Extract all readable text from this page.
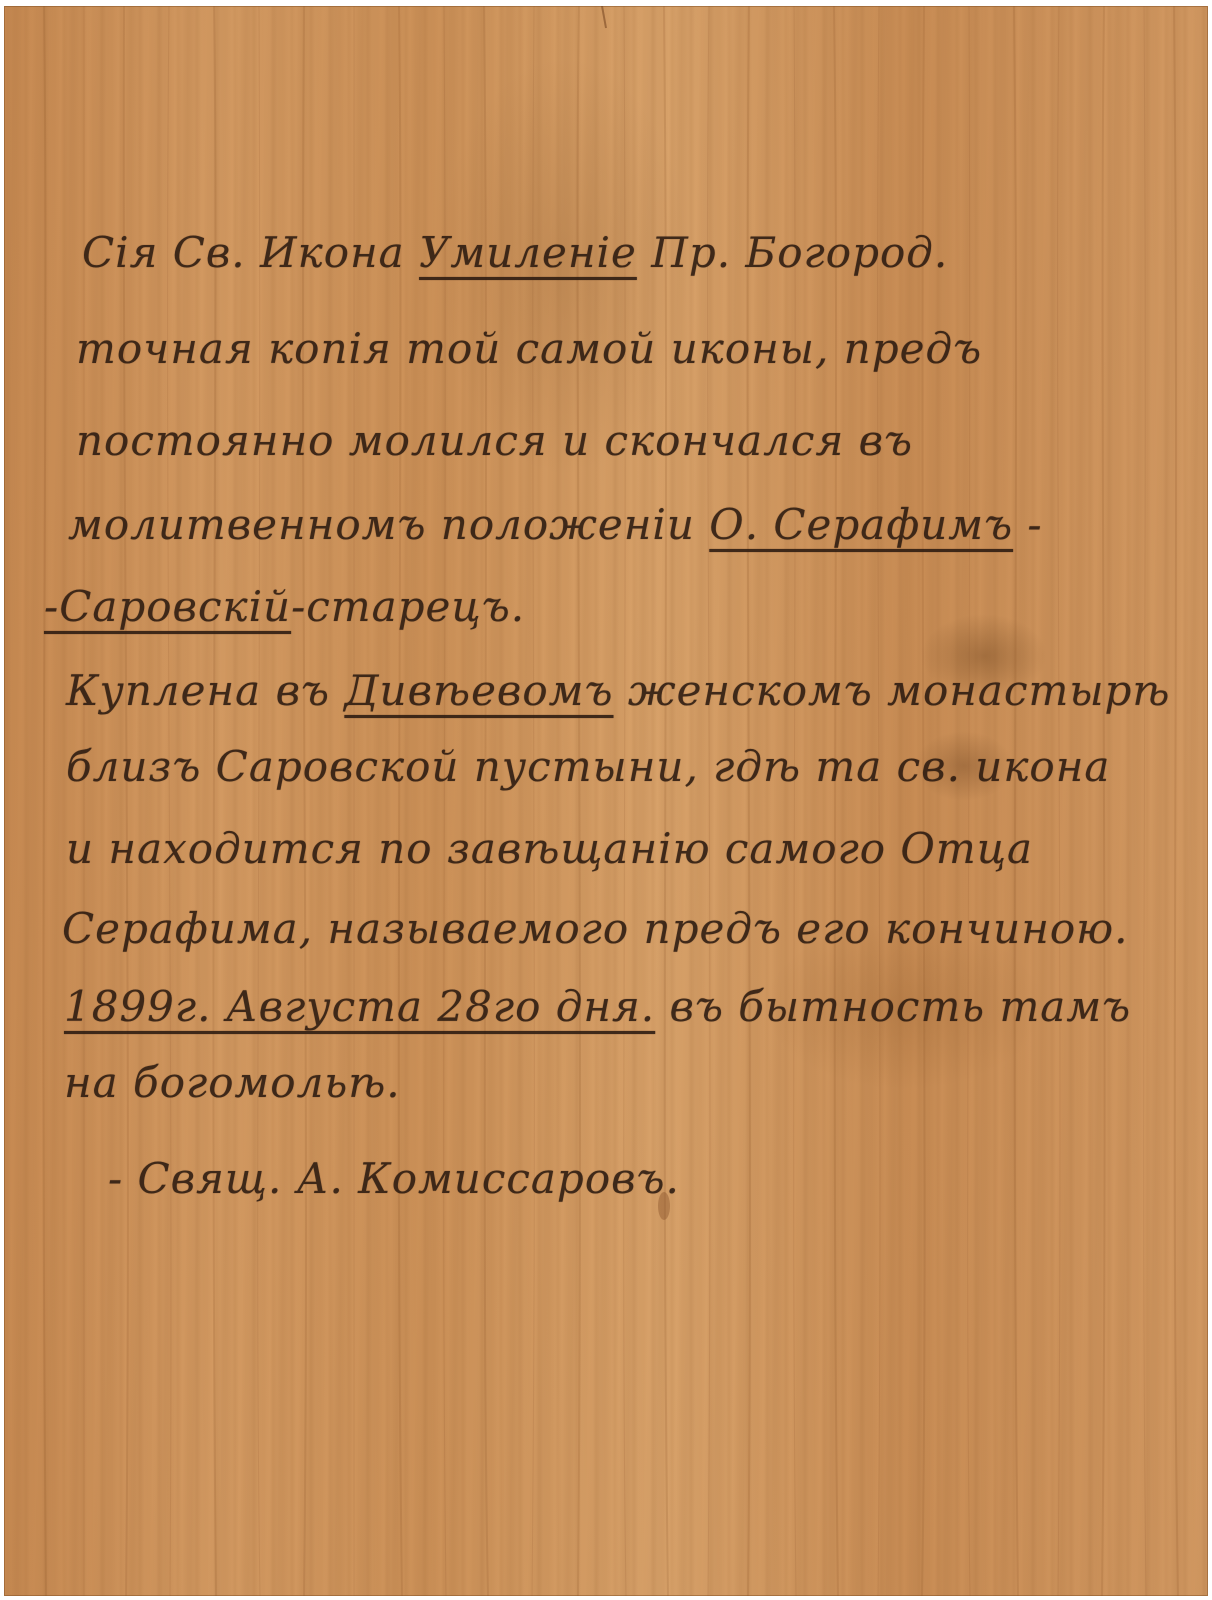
Сія Св. Икона Умиленіе Пр. Богород.
точная копія той самой иконы, предъ
постоянно молился и скончался въ
молитвенномъ положеніи О. Серафимъ -
-Саровскій-старецъ.
Куплена въ Дивѣевомъ женскомъ монастырѣ
близъ Саровской пустыни, гдѣ та св. икона
и находится по завѣщанію самого Отца
Серафима, называемого предъ его кончиною.
1899г. Августа 28го дня. въ бытность тамъ
на богомольѣ.
- Свящ. А. Комиссаровъ.
